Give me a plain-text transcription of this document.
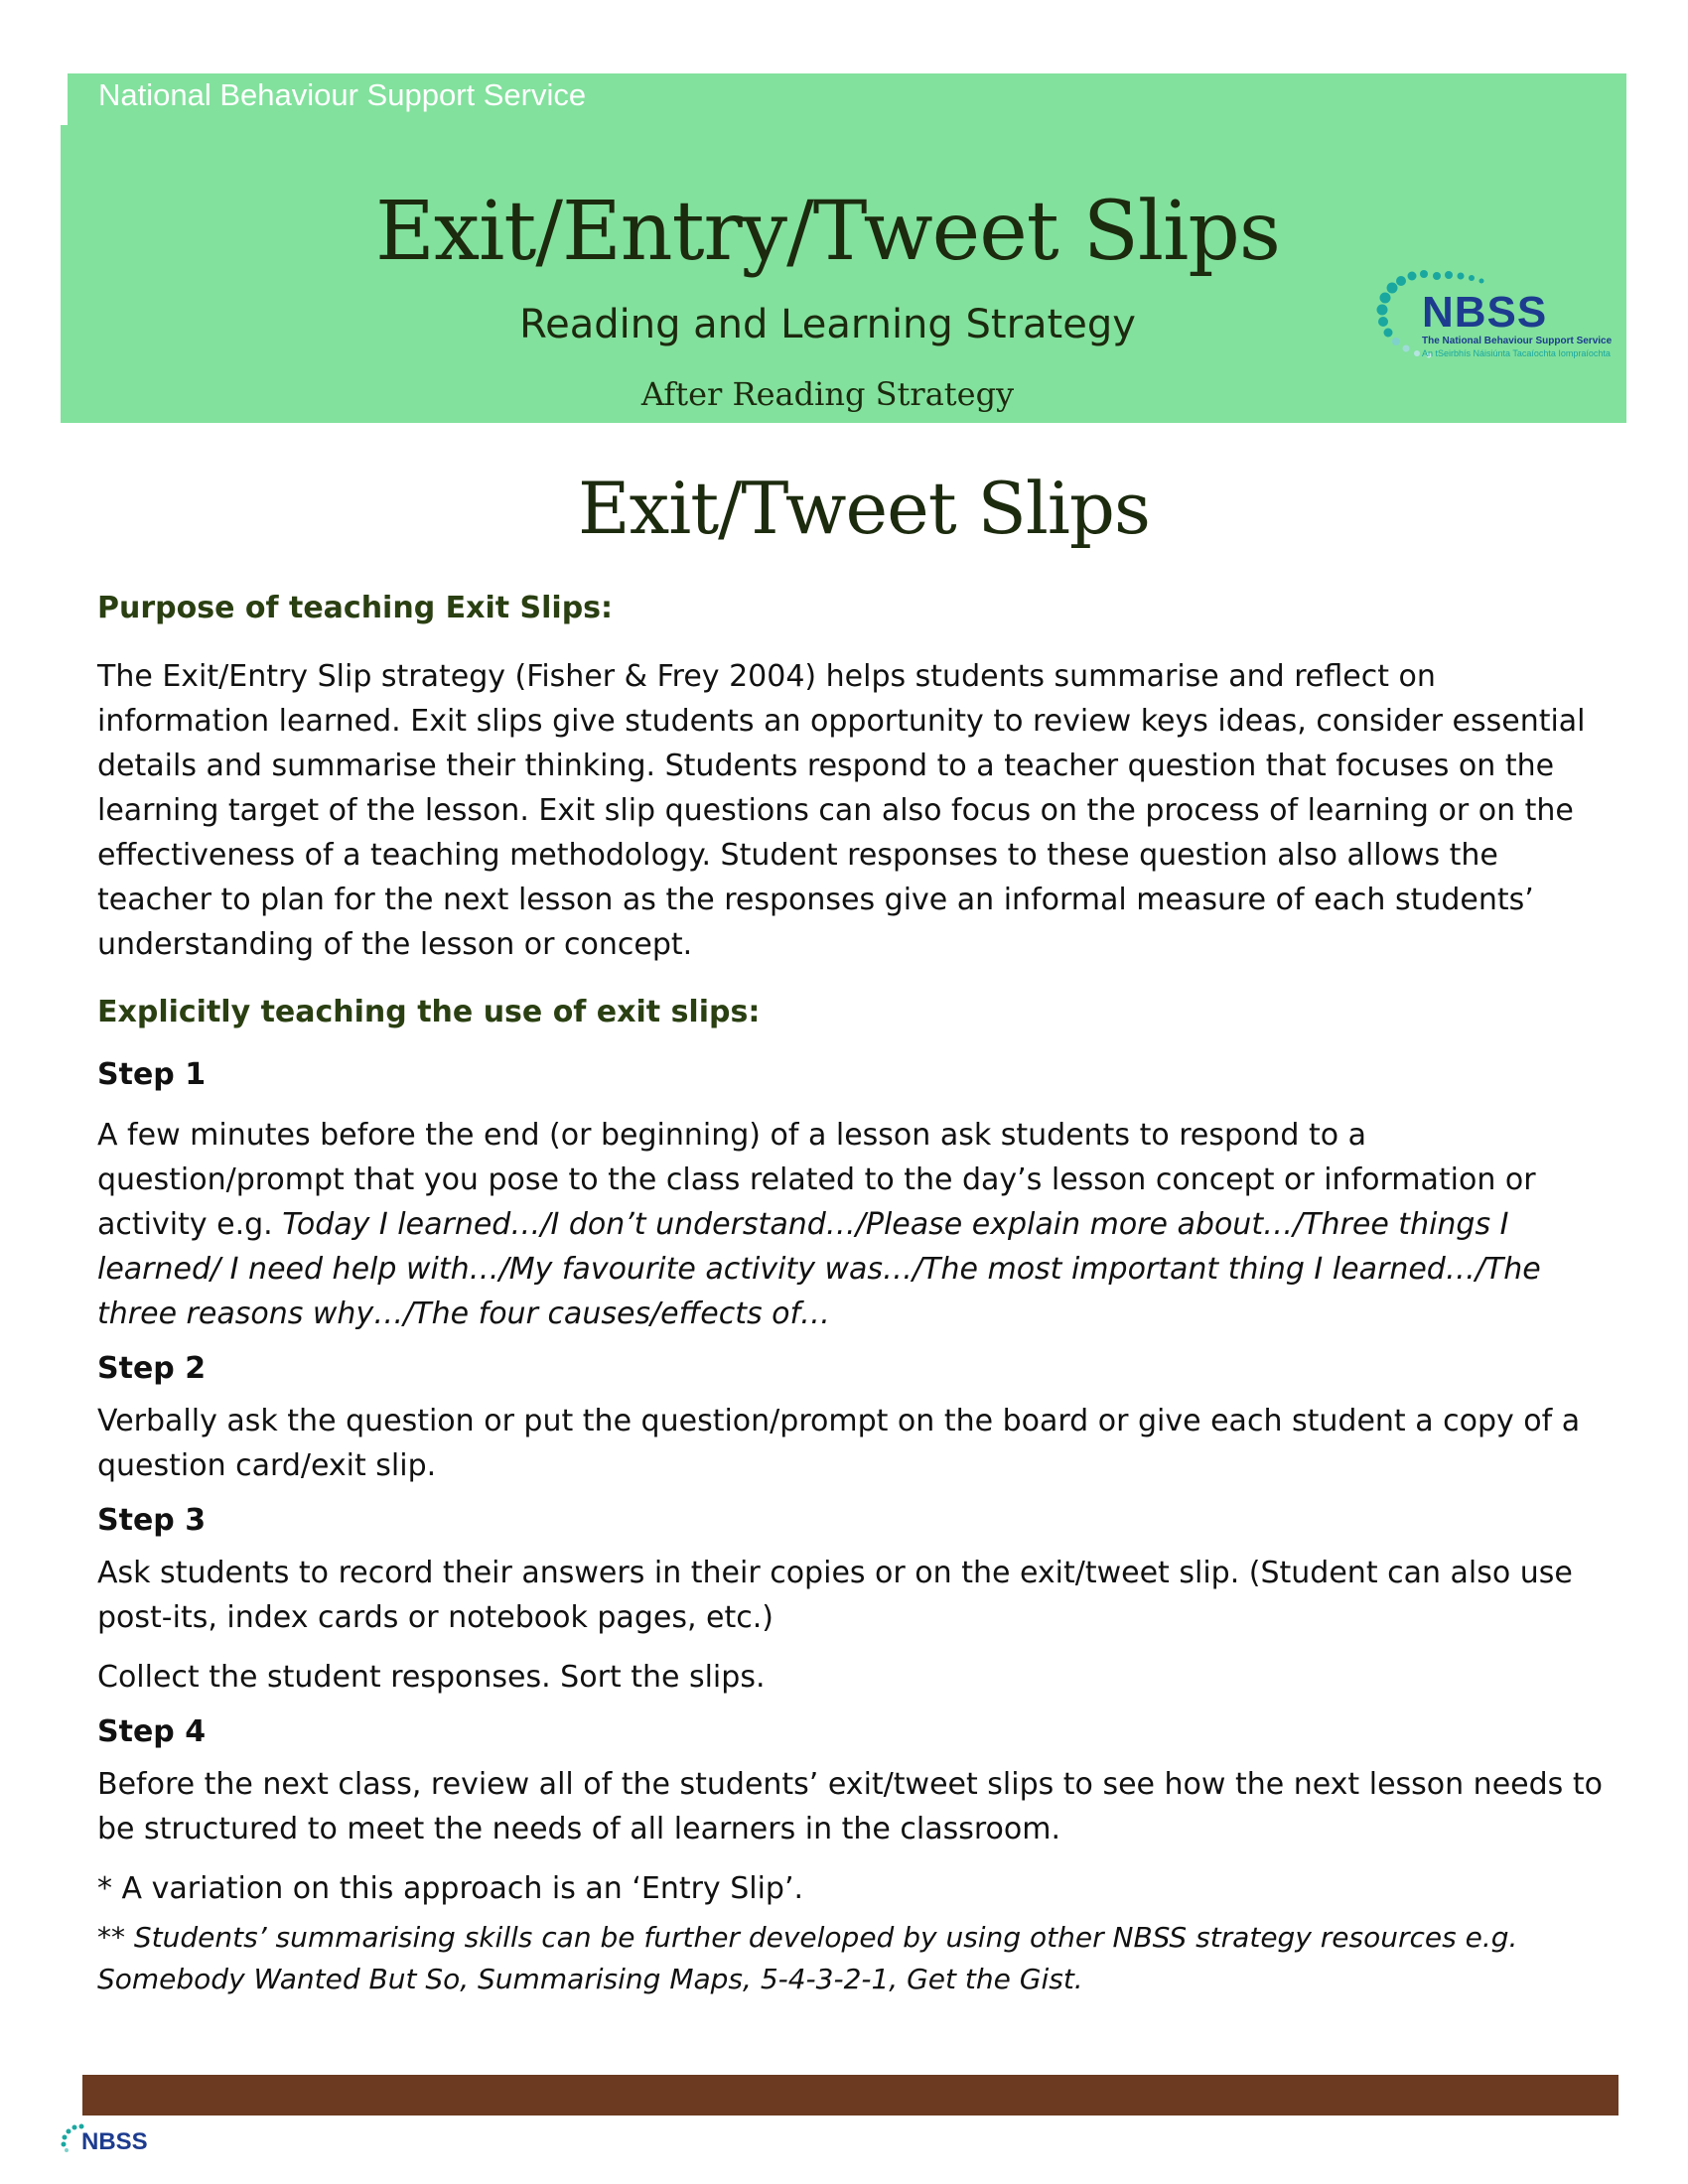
National Behaviour Support Service
Exit/Entry/Tweet Slips
Reading and Learning Strategy
After Reading Strategy
NBSS
The National Behaviour Support Service
An tSeirbhís Náisiúnta Tacaíochta Iompraíochta
Exit/Tweet Slips

Purpose of teaching Exit Slips:

The Exit/Entry Slip strategy (Fisher & Frey 2004) helps students summarise and reflect on information learned. Exit slips give students an opportunity to review keys ideas, consider essential details and summarise their thinking. Students respond to a teacher question that focuses on the learning target of the lesson. Exit slip questions can also focus on the process of learning or on the effectiveness of a teaching methodology. Student responses to these question also allows the teacher to plan for the next lesson as the responses give an informal measure of each students’ understanding of the lesson or concept.

Explicitly teaching the use of exit slips:

Step 1

A few minutes before the end (or beginning) of a lesson ask students to respond to a question/prompt that you pose to the class related to the day’s lesson concept or information or activity e.g. Today I learned…/I don’t understand…/Please explain more about…/Three things I learned/ I need help with…/My favourite activity was…/The most important thing I learned…/The three reasons why…/The four causes/effects of…

Step 2

Verbally ask the question or put the question/prompt on the board or give each student a copy of a question card/exit slip.

Step 3

Ask students to record their answers in their copies or on the exit/tweet slip. (Student can also use post-its, index cards or notebook pages, etc.)

Collect the student responses. Sort the slips.

Step 4

Before the next class, review all of the students’ exit/tweet slips to see how the next lesson needs to be structured to meet the needs of all learners in the classroom.

* A variation on this approach is an ‘Entry Slip’.

** Students’ summarising skills can be further developed by using other NBSS strategy resources e.g. Somebody Wanted But So, Summarising Maps, 5-4-3-2-1, Get the Gist.

NBSS
